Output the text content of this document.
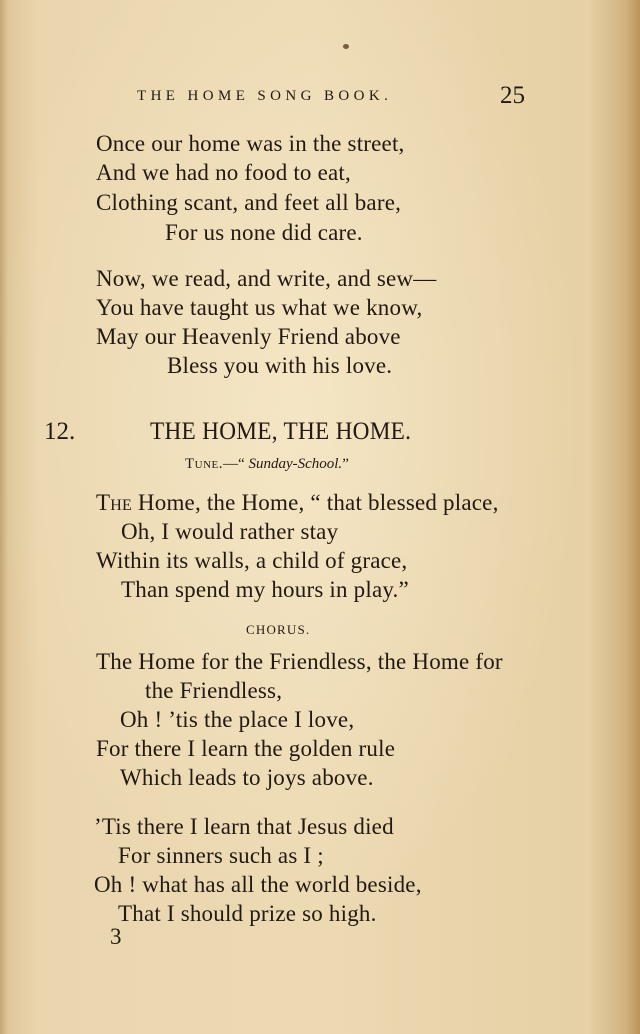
THE HOME SONG BOOK.	25
Once our home was in the street,
And we had no food to eat,
Clothing scant, and feet all bare,
For us none did care.
Now, we read, and write, and sew—
You have taught us what we know,
May our Heavenly Friend above
Bless you with his love.
12.	THE HOME, THE HOME.
Tune.—“ Sunday-School.”
The Home, the Home, “ that blessed place,
Oh, I would rather stay
Within its walls, a child of grace,
Than spend my hours in play.”
CHORUS.
The Home for the Friendless, the Home for
the Friendless,
Oh ! ’tis the place I love,
For there I learn the golden rule
Which leads to joys above.
’Tis there I learn that Jesus died
For sinners such as I ;
Oh ! what has all the world beside,
That I should prize so high.
3
